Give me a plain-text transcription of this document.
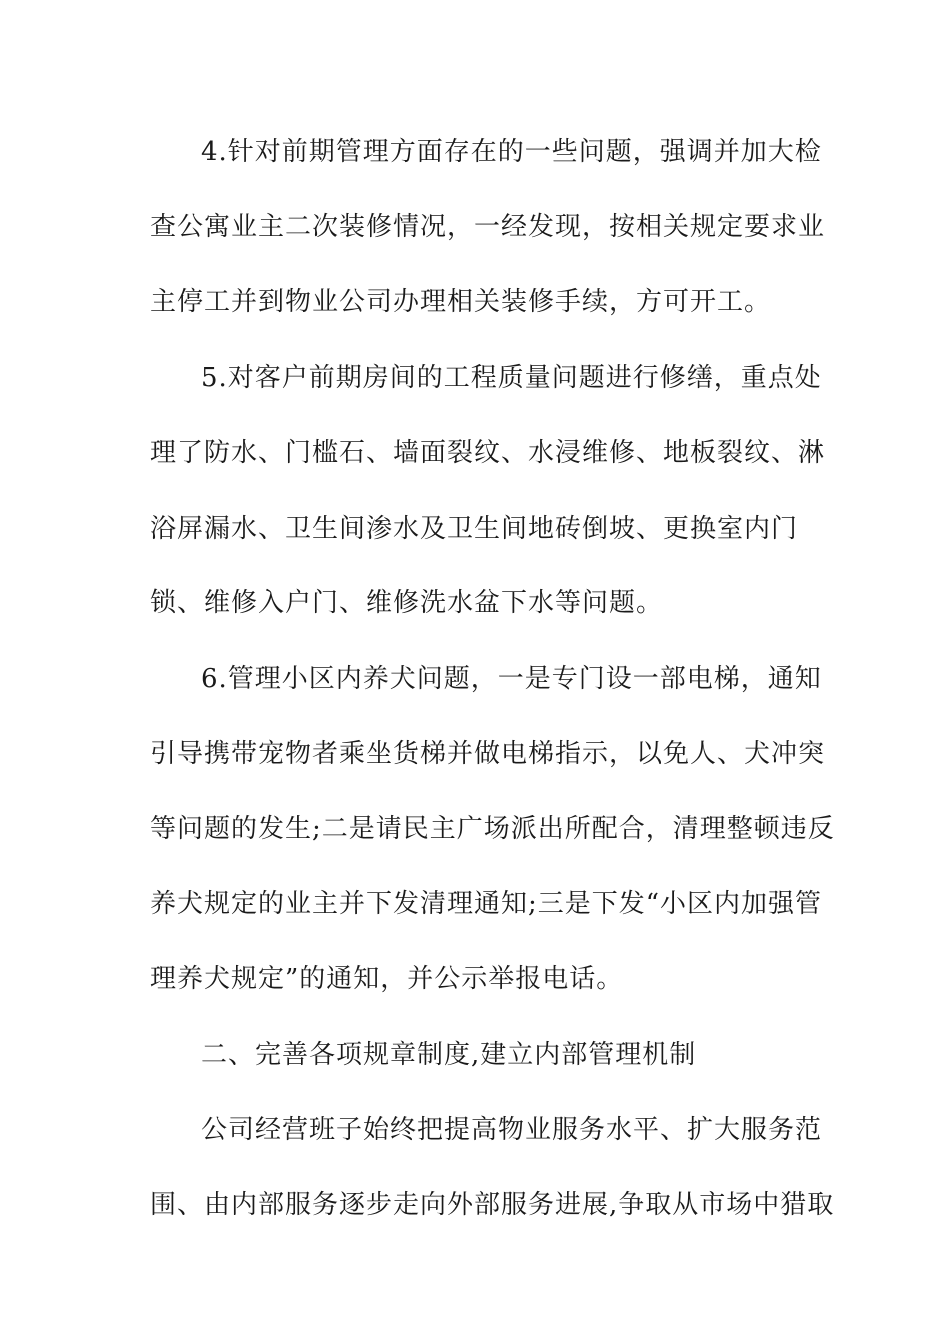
4.针对前期管理方面存在的一些问题，强调并加大检

查公寓业主二次装修情况，一经发现，按相关规定要求业

主停工并到物业公司办理相关装修手续，方可开工。

5.对客户前期房间的工程质量问题进行修缮，重点处

理了防水、门槛石、墙面裂纹、水浸维修、地板裂纹、淋

浴屏漏水、卫生间渗水及卫生间地砖倒坡、更换室内门

锁、维修入户门、维修洗水盆下水等问题。

6.管理小区内养犬问题，一是专门设一部电梯，通知

引导携带宠物者乘坐货梯并做电梯指示，以免人、犬冲突

等问题的发生;二是请民主广场派出所配合，清理整顿违反

养犬规定的业主并下发清理通知;三是下发“小区内加强管

理养犬规定”的通知，并公示举报电话。

二、完善各项规章制度,建立内部管理机制

公司经营班子始终把提高物业服务水平、扩大服务范

围、由内部服务逐步走向外部服务进展,争取从市场中猎取
